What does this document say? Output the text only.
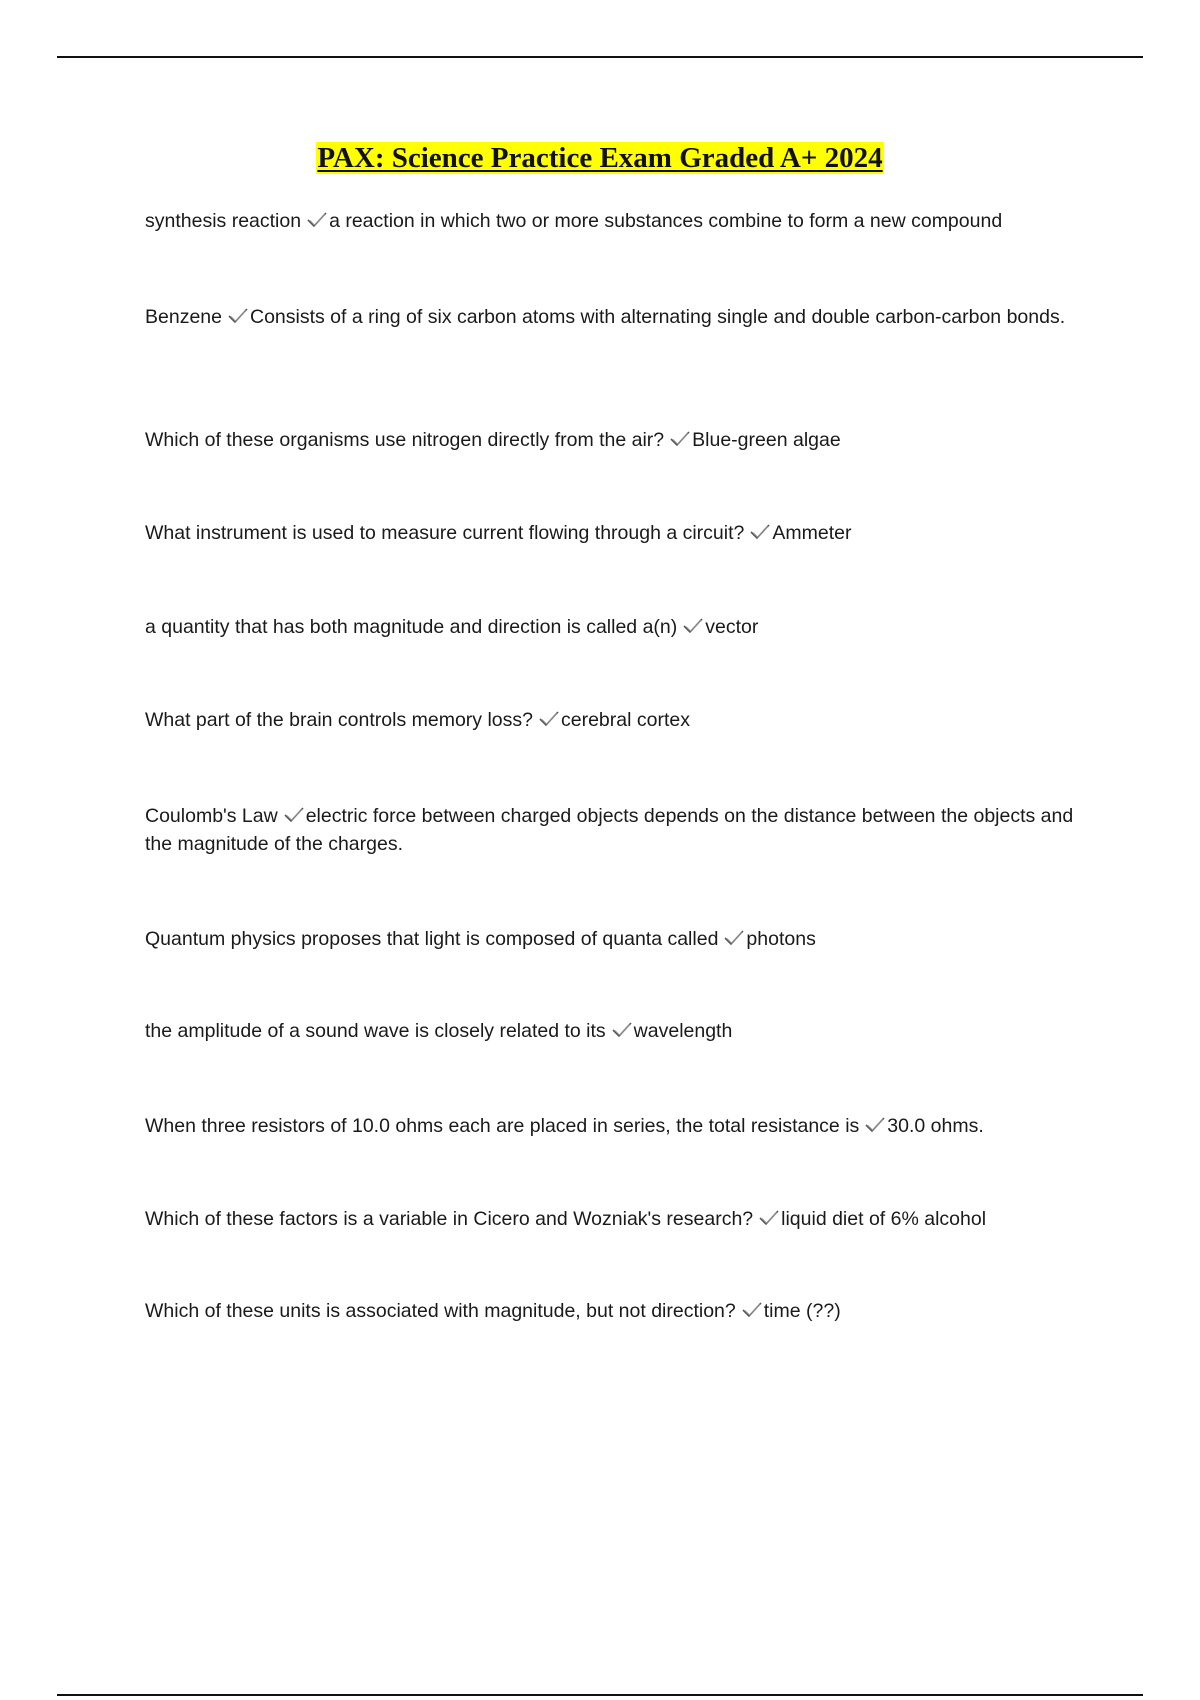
PAX: Science Practice Exam Graded A+ 2024

synthesis reaction a reaction in which two or more substances combine to form a new compound

Benzene Consists of a ring of six carbon atoms with alternating single and double carbon-carbon bonds.

Which of these organisms use nitrogen directly from the air? Blue-green algae

What instrument is used to measure current flowing through a circuit? Ammeter

a quantity that has both magnitude and direction is called a(n) vector

What part of the brain controls memory loss? cerebral cortex

Coulomb's Law electric force between charged objects depends on the distance between the objects and the magnitude of the charges.

Quantum physics proposes that light is composed of quanta called photons

the amplitude of a sound wave is closely related to its wavelength

When three resistors of 10.0 ohms each are placed in series, the total resistance is 30.0 ohms.

Which of these factors is a variable in Cicero and Wozniak's research? liquid diet of 6% alcohol

Which of these units is associated with magnitude, but not direction? time (??)
